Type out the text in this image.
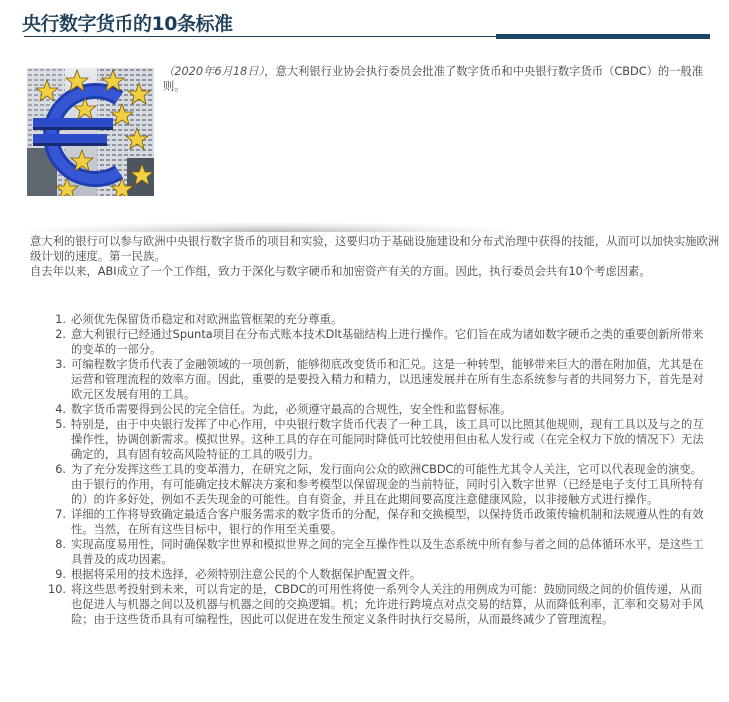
央行数字货币的10条标准

（2020年6月18日），意大利银行业协会执行委员会批准了数字货币和中央银行数字货币（CBDC）的一般准则。

意大利的银行可以参与欧洲中央银行数字货币的项目和实验，这要归功于基础设施建设和分布式治理中获得的技能，从而可以加快实施欧洲级计划的速度。第一民族。
自去年以来，ABI成立了一个工作组，致力于深化与数字硬币和加密资产有关的方面。因此，执行委员会共有10个考虑因素。
1. 必须优先保留货币稳定和对欧洲监管框架的充分尊重。
2. 意大利银行已经通过Spunta项目在分布式账本技术Dlt基础结构上进行操作。它们旨在成为诸如数字硬币之类的重要创新所带来的变革的一部分。
3. 可编程数字货币代表了金融领域的一项创新，能够彻底改变货币和汇兑。这是一种转型，能够带来巨大的潜在附加值，尤其是在运营和管理流程的效率方面。因此，重要的是要投入精力和精力，以迅速发展并在所有生态系统参与者的共同努力下，首先是对欧元区发展有用的工具。
4. 数字货币需要得到公民的完全信任。为此，必须遵守最高的合规性，安全性和监督标准。
5. 特别是，由于中央银行发挥了中心作用，中央银行数字货币代表了一种工具，该工具可以比照其他规则，现有工具以及与之的互操作性，协调创新需求。模拟世界。这种工具的存在可能同时降低可比较使用但由私人发行或（在完全权力下放的情况下）无法确定的，具有固有较高风险特征的工具的吸引力。
6. 为了充分发挥这些工具的变革潜力，在研究之际，发行面向公众的欧洲CBDC的可能性尤其令人关注，它可以代表现金的演变。由于银行的作用，有可能确定技术解决方案和参考模型以保留现金的当前特征，同时引入数字世界（已经是电子支付工具所特有的）的许多好处，例如不丢失现金的可能性。自有资金，并且在此期间要高度注意健康风险，以非接触方式进行操作。
7. 详细的工作将导致确定最适合客户服务需求的数字货币的分配，保存和交换模型，以保持货币政策传输机制和法规遵从性的有效性。当然，在所有这些目标中，银行的作用至关重要。
8. 实现高度易用性，同时确保数字世界和模拟世界之间的完全互操作性以及生态系统中所有参与者之间的总体循环水平，是这些工具普及的成功因素。
9. 根据将采用的技术选择，必须特别注意公民的个人数据保护配置文件。
10. 将这些思考投射到未来，可以肯定的是，CBDC的可用性将使一系列令人关注的用例成为可能：鼓励同级之间的价值传递，从而也促进人与机器之间以及机器与机器之间的交换逻辑。机；允许进行跨境点对点交易的结算，从而降低利率，汇率和交易对手风险；由于这些货币具有可编程性，因此可以促进在发生预定义条件时执行交易所，从而最终减少了管理流程。
